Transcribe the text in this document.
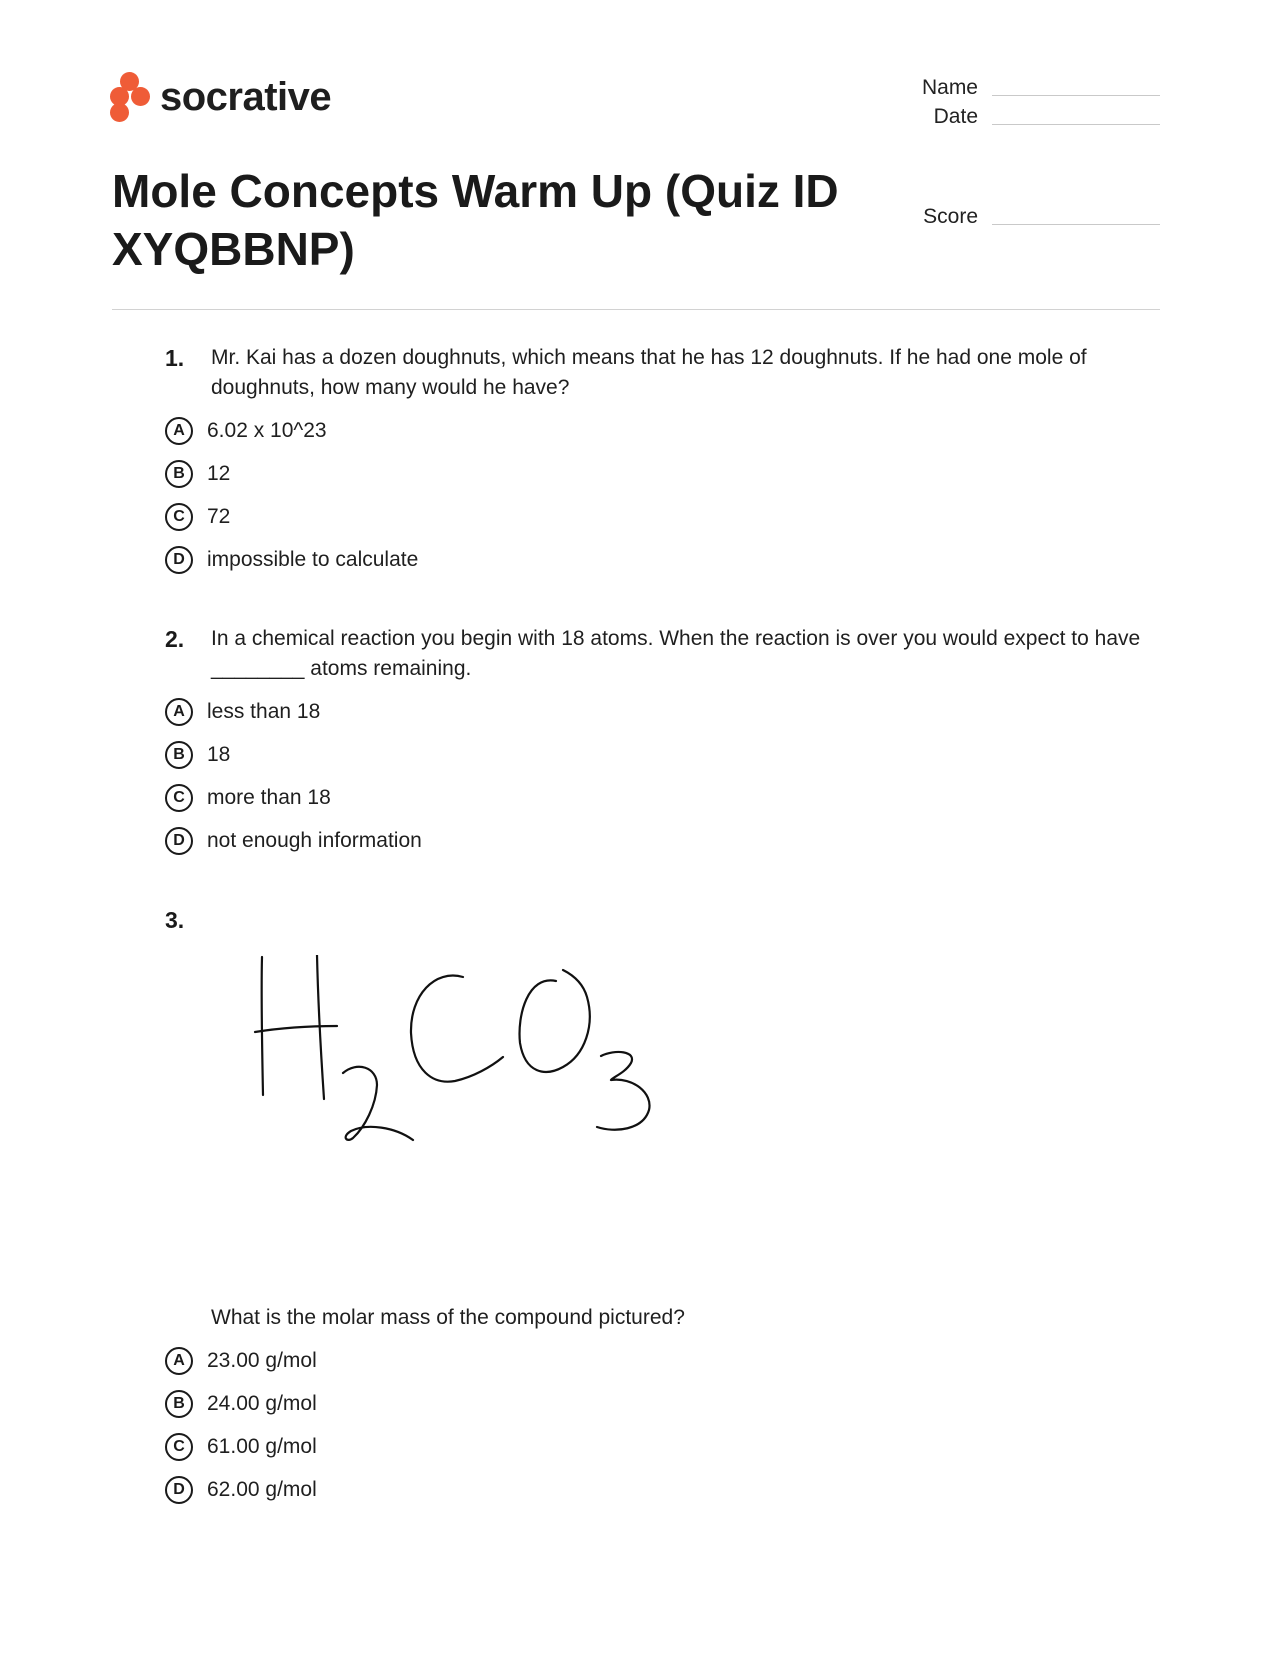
socrative	Name
Date
Score
Mole Concepts Warm Up (Quiz ID XYQBBNP)
1.	Mr. Kai has a dozen doughnuts, which means that he has 12 doughnuts. If he had one mole of doughnuts, how many would he have?
A	6.02 x 10^23
B	12
C	72
D	impossible to calculate
2.	In a chemical reaction you begin with 18 atoms. When the reaction is over you would expect to have ________ atoms remaining.
A	less than 18
B	18
C	more than 18
D	not enough information
3.
What is the molar mass of the compound pictured?
A	23.00 g/mol
B	24.00 g/mol
C	61.00 g/mol
D	62.00 g/mol
